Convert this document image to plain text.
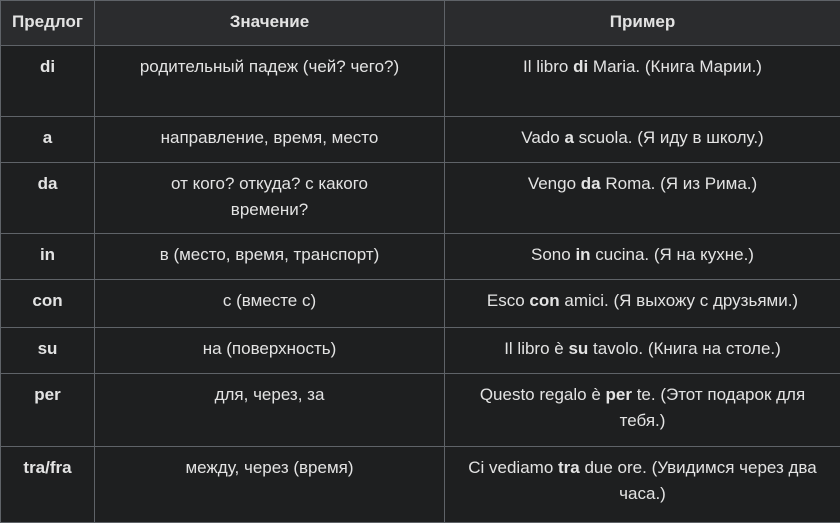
Предлог	Значение	Пример
di	родительный падеж (чей? чего?)	Il libro di Maria. (Книга Марии.)
a	направление, время, место	Vado a scuola. (Я иду в школу.)
da	от кого? откуда? с какого времени?	Vengo da Roma. (Я из Рима.)
in	в (место, время, транспорт)	Sono in cucina. (Я на кухне.)
con	с (вместе с)	Esco con amici. (Я выхожу с друзьями.)
su	на (поверхность)	Il libro è su tavolo. (Книга на столе.)
per	для, через, за	Questo regalo è per te. (Этот подарок для тебя.)
tra/fra	между, через (время)	Ci vediamo tra due ore. (Увидимся через два часа.)
